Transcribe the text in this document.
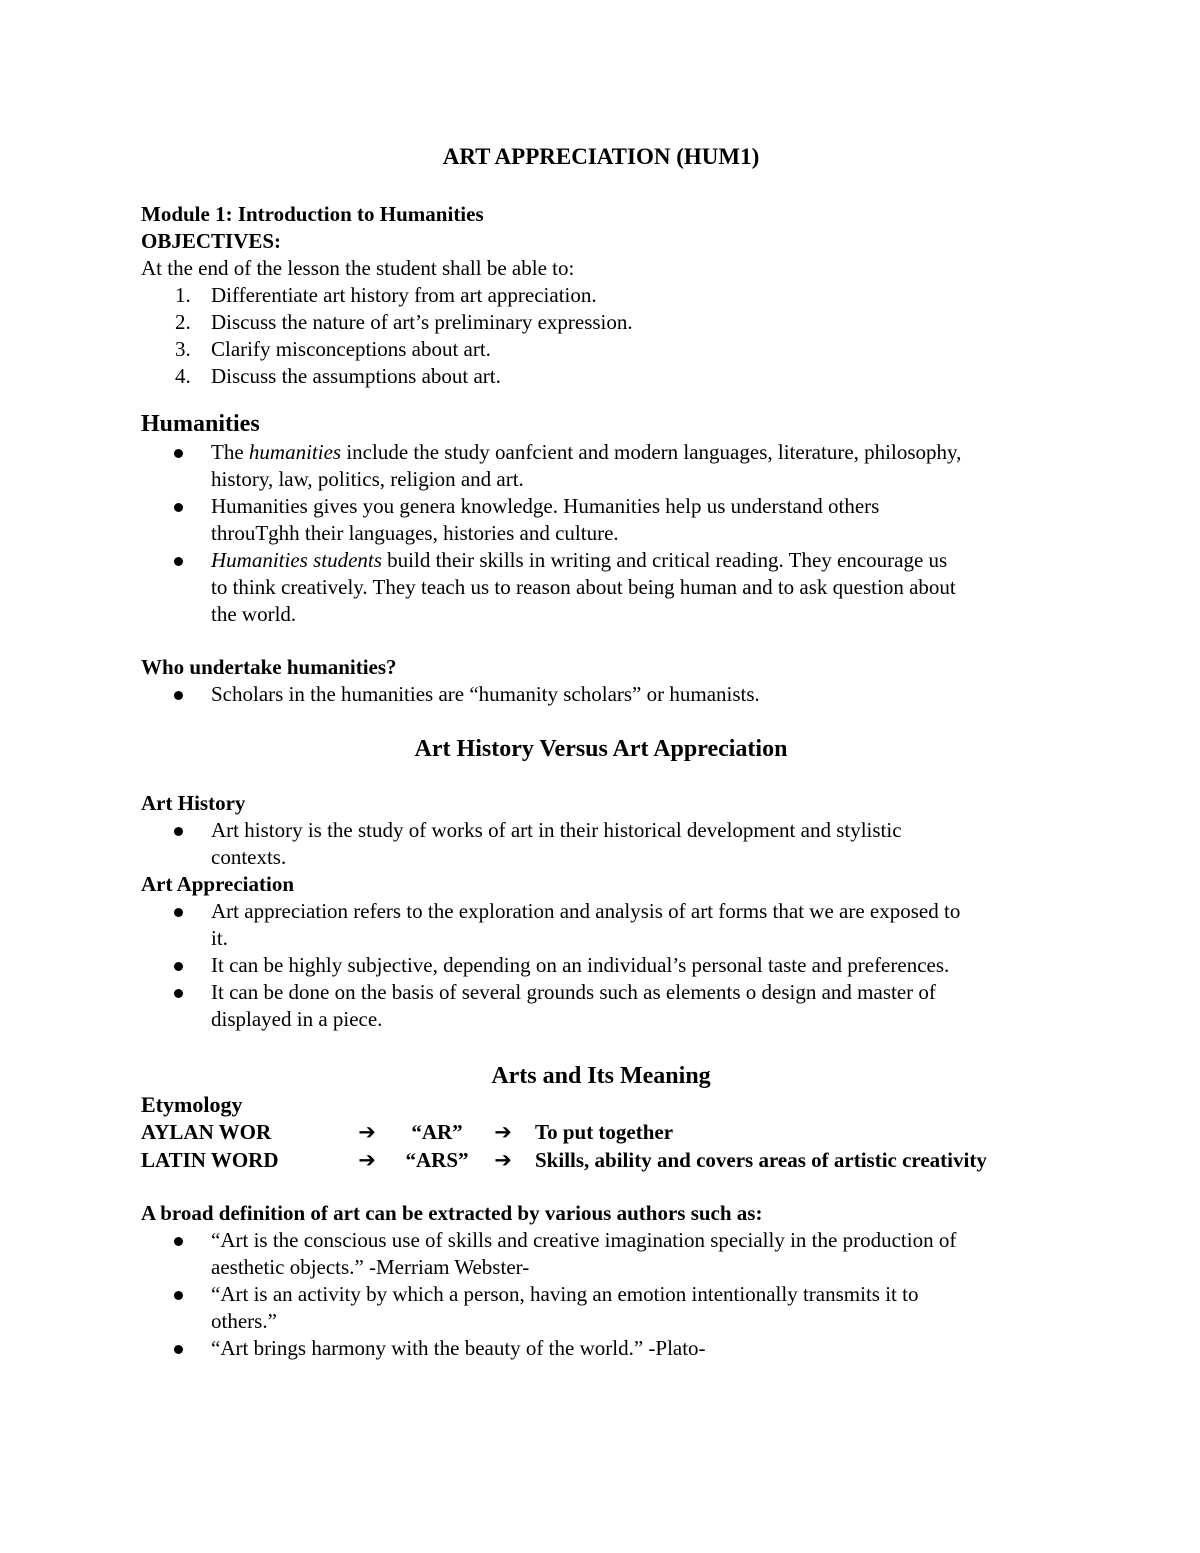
ART APPRECIATION (HUM1)
Module 1: Introduction to Humanities
OBJECTIVES:
At the end of the lesson the student shall be able to:
1. Differentiate art history from art appreciation.
2. Discuss the nature of art’s preliminary expression.
3. Clarify misconceptions about art.
4. Discuss the assumptions about art.
Humanities
The humanities include the study oanfcient and modern languages, literature, philosophy,
history, law, politics, religion and art.
Humanities gives you genera knowledge. Humanities help us understand others
throuTghh their languages, histories and culture.
Humanities students build their skills in writing and critical reading. They encourage us
to think creatively. They teach us to reason about being human and to ask question about
the world.
Who undertake humanities?
Scholars in the humanities are “humanity scholars” or humanists.
Art History Versus Art Appreciation
Art History
Art history is the study of works of art in their historical development and stylistic
contexts.
Art Appreciation
Art appreciation refers to the exploration and analysis of art forms that we are exposed to
it.
It can be highly subjective, depending on an individual’s personal taste and preferences.
It can be done on the basis of several grounds such as elements o design and master of
displayed in a piece.
Arts and Its Meaning
Etymology
AYLAN WOR	➔	“AR”	➔	To put together
LATIN WORD	➔	“ARS”	➔	Skills, ability and covers areas of artistic creativity
A broad definition of art can be extracted by various authors such as:
“Art is the conscious use of skills and creative imagination specially in the production of
aesthetic objects.” -Merriam Webster-
“Art is an activity by which a person, having an emotion intentionally transmits it to
others.”
“Art brings harmony with the beauty of the world.” -Plato-
